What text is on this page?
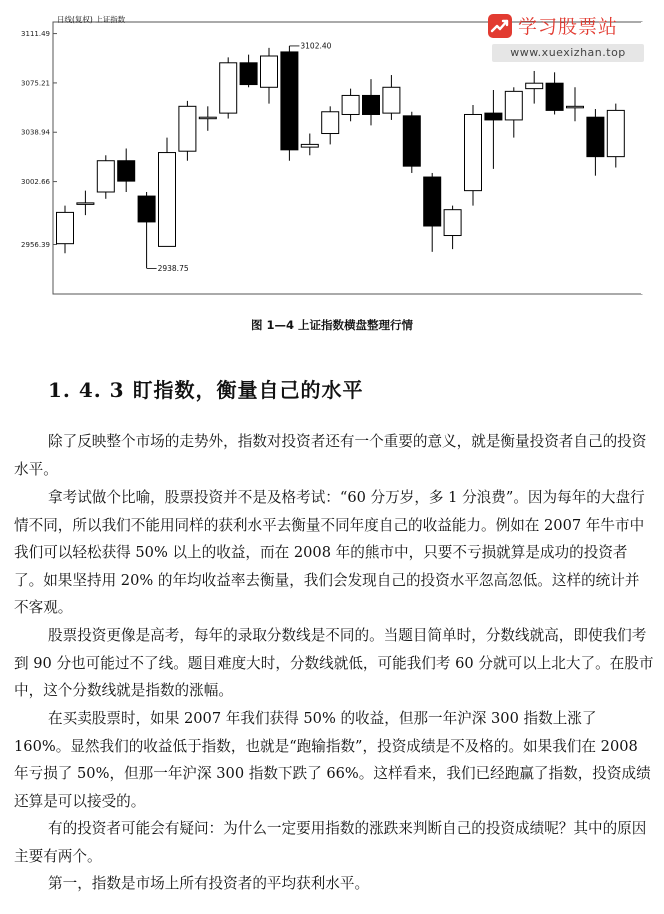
日线(复权) 上证指数
2956.39
3002.66
3038.94
3075.21
3111.49
3102.40
2938.75
学习股票站
www.xuexizhan.top
图 1—4 上证指数横盘整理行情
1. 4. 3 盯指数，衡量自己的水平

除了反映整个市场的走势外，指数对投资者还有一个重要的意义，就是衡量投资者自己的投资水平。

拿考试做个比喻，股票投资并不是及格考试：“60 分万岁，多 1 分浪费”。因为每年的大盘行情不同，所以我们不能用同样的获利水平去衡量不同年度自己的收益能力。例如在 2007 年牛市中我们可以轻松获得 50% 以上的收益，而在 2008 年的熊市中，只要不亏损就算是成功的投资者了。如果坚持用 20% 的年均收益率去衡量，我们会发现自己的投资水平忽高忽低。这样的统计并不客观。

股票投资更像是高考，每年的录取分数线是不同的。当题目简单时，分数线就高，即使我们考到 90 分也可能过不了线。题目难度大时，分数线就低，可能我们考 60 分就可以上北大了。在股市中，这个分数线就是指数的涨幅。

在买卖股票时，如果 2007 年我们获得 50% 的收益，但那一年沪深 300 指数上涨了 160%。显然我们的收益低于指数，也就是“跑输指数”，投资成绩是不及格的。如果我们在 2008 年亏损了 50%，但那一年沪深 300 指数下跌了 66%。这样看来，我们已经跑赢了指数，投资成绩还算是可以接受的。

有的投资者可能会有疑问：为什么一定要用指数的涨跌来判断自己的投资成绩呢？其中的原因主要有两个。

第一，指数是市场上所有投资者的平均获利水平。
